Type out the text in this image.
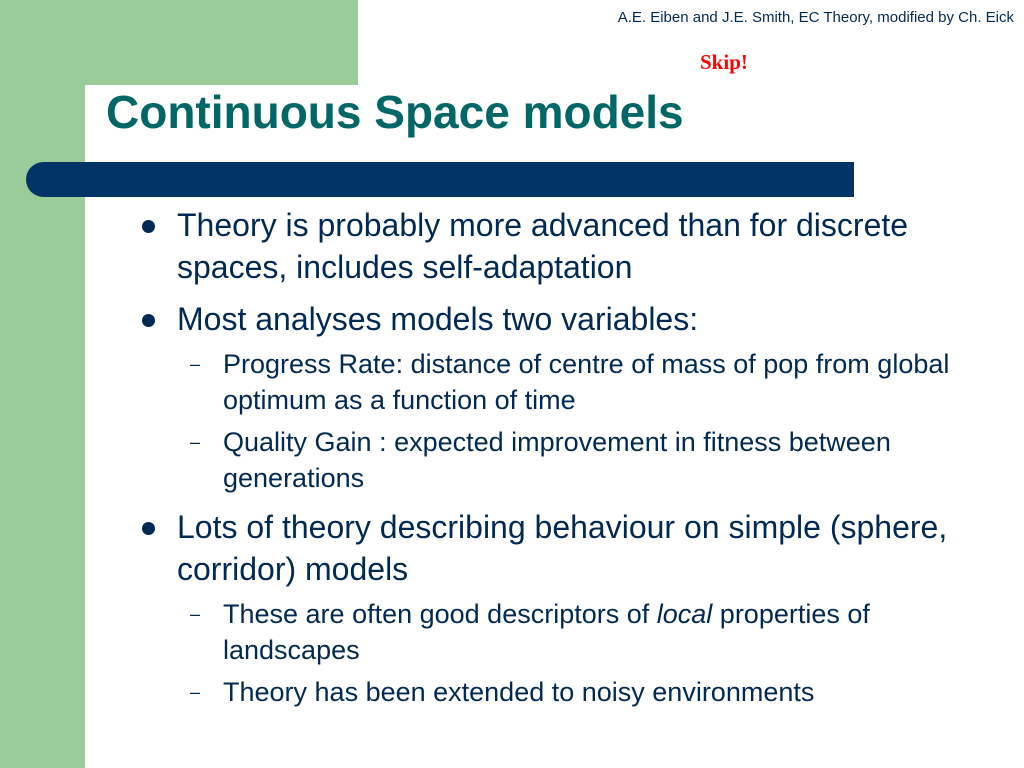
A.E. Eiben and J.E. Smith, EC Theory, modified by Ch. Eick
Skip!
Continuous Space models
Theory is probably more advanced than for discrete spaces, includes self-adaptation
Most analyses models two variables:
– Progress Rate: distance of centre of mass of pop from global optimum as a function of time
– Quality Gain : expected improvement in fitness between generations
Lots of theory describing behaviour on simple (sphere, corridor) models
– These are often good descriptors of local properties of landscapes
– Theory has been extended to noisy environments
